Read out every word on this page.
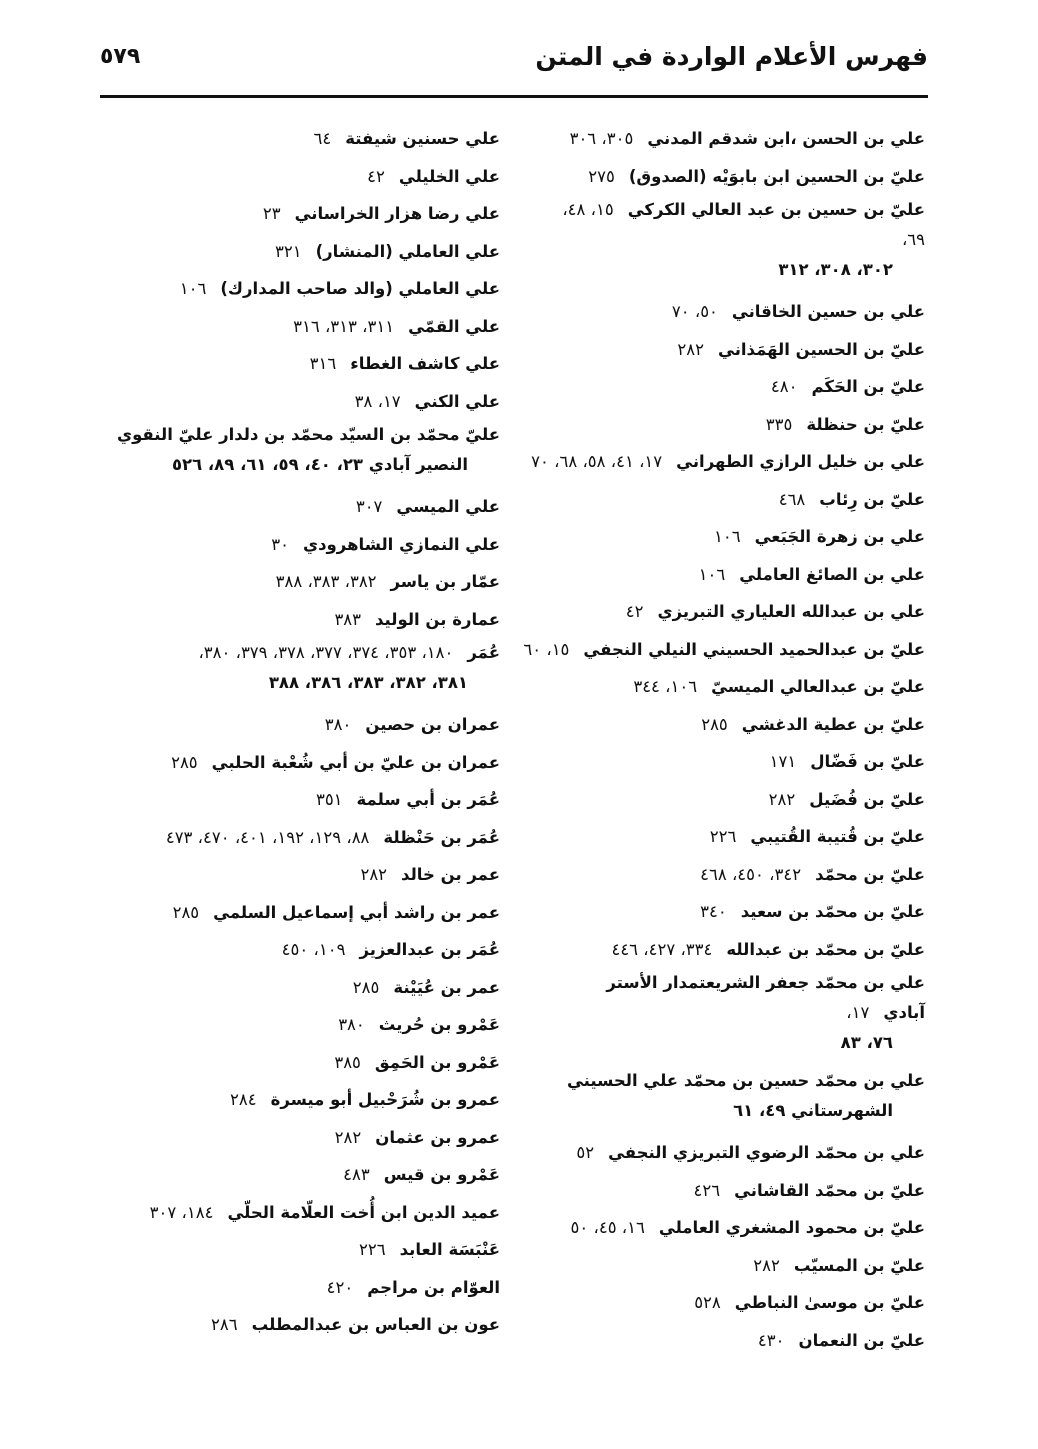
فهرس الأعلام الواردة في المتن
٥٧٩
علي بن الحسن ،ابن شدقم المدني٣٠٥، ٣٠٦
عليّ بن الحسين ابن بابوَيْه (الصدوق)٢٧٥
عليّ بن حسين بن عبد العالي الكركي١٥، ٤٨، ٦٩،
٣٠٢، ٣٠٨، ٣١٢
علي بن حسين الخاقاني٥٠، ٧٠
عليّ بن الحسين الهَمَذاني٢٨٢
عليّ بن الحَكَم٤٨٠
عليّ بن حنظلة٣٣٥
علي بن خليل الرازي الطهراني١٧، ٤١، ٥٨، ٦٨، ٧٠
عليّ بن رِئاب٤٦٨
علي بن زهرة الجَبَعي١٠٦
علي بن الصائغ العاملي١٠٦
علي بن عبدالله العلياري التبريزي٤٢
عليّ بن عبدالحميد الحسيني النيلي النجفي١٥، ٦٠
عليّ بن عبدالعالي الميسيّ١٠٦، ٣٤٤
عليّ بن عطية الدغشي٢٨٥
عليّ بن فَضّال١٧١
عليّ بن فُضَيل٢٨٢
عليّ بن قُتيبة القُتيبي٢٢٦
عليّ بن محمّد٣٤٢، ٤٥٠، ٤٦٨
عليّ بن محمّد بن سعيد٣٤٠
عليّ بن محمّد بن عبدالله٣٣٤، ٤٢٧، ٤٤٦
علي بن محمّد جعفر الشريعتمدار الأستر آبادي١٧،
٧٦، ٨٣
علي بن محمّد حسين بن محمّد علي الحسيني
الشهرستاني ٤٩، ٦١
علي بن محمّد الرضوي التبريزي النجفي٥٢
عليّ بن محمّد القاشاني٤٢٦
عليّ بن محمود المشغري العاملي١٦، ٤٥، ٥٠
عليّ بن المسيّب٢٨٢
عليّ بن موسىٰ النباطي٥٢٨
عليّ بن النعمان٤٣٠
علي حسنين شيفتة٦٤
علي الخليلي٤٢
علي رضا هزار الخراساني٢٣
علي العاملي (المنشار)٣٢١
علي العاملي (والد صاحب المدارك)١٠٦
علي القمّي٣١١، ٣١٣، ٣١٦
علي كاشف الغطاء٣١٦
علي الكني١٧، ٣٨
عليّ محمّد بن السيّد محمّد بن دلدار عليّ النقوي
النصير آبادي ٢٣، ٤٠، ٥٩، ٦١، ٨٩، ٥٢٦
علي الميسي٣٠٧
علي النمازي الشاهرودي٣٠
عمّار بن ياسر٣٨٢، ٣٨٣، ٣٨٨
عمارة بن الوليد٣٨٣
عُمَر١٨٠، ٣٥٣، ٣٧٤، ٣٧٧، ٣٧٨، ٣٧٩، ٣٨٠،
٣٨١، ٣٨٢، ٣٨٣، ٣٨٦، ٣٨٨
عمران بن حصين٣٨٠
عمران بن عليّ بن أبي شُعْبة الحلبي٢٨٥
عُمَر بن أبي سلمة٣٥١
عُمَر بن حَنْظلة٨٨، ١٢٩، ١٩٢، ٤٠١، ٤٧٠، ٤٧٣
عمر بن خالد٢٨٢
عمر بن راشد أبي إسماعيل السلمي٢٨٥
عُمَر بن عبدالعزيز١٠٩، ٤٥٠
عمر بن عُيَيْنة٢٨٥
عَمْرو بن حُريث٣٨٠
عَمْرو بن الحَمِق٣٨٥
عمرو بن شُرَحْبيل أبو ميسرة٢٨٤
عمرو بن عثمان٢٨٢
عَمْرو بن قيس٤٨٣
عميد الدين ابن أُخت العلّامة الحلّي١٨٤، ٣٠٧
عَنْبَسَة العابد٢٢٦
العوّام بن مراجم٤٢٠
عون بن العباس بن عبدالمطلب٢٨٦
